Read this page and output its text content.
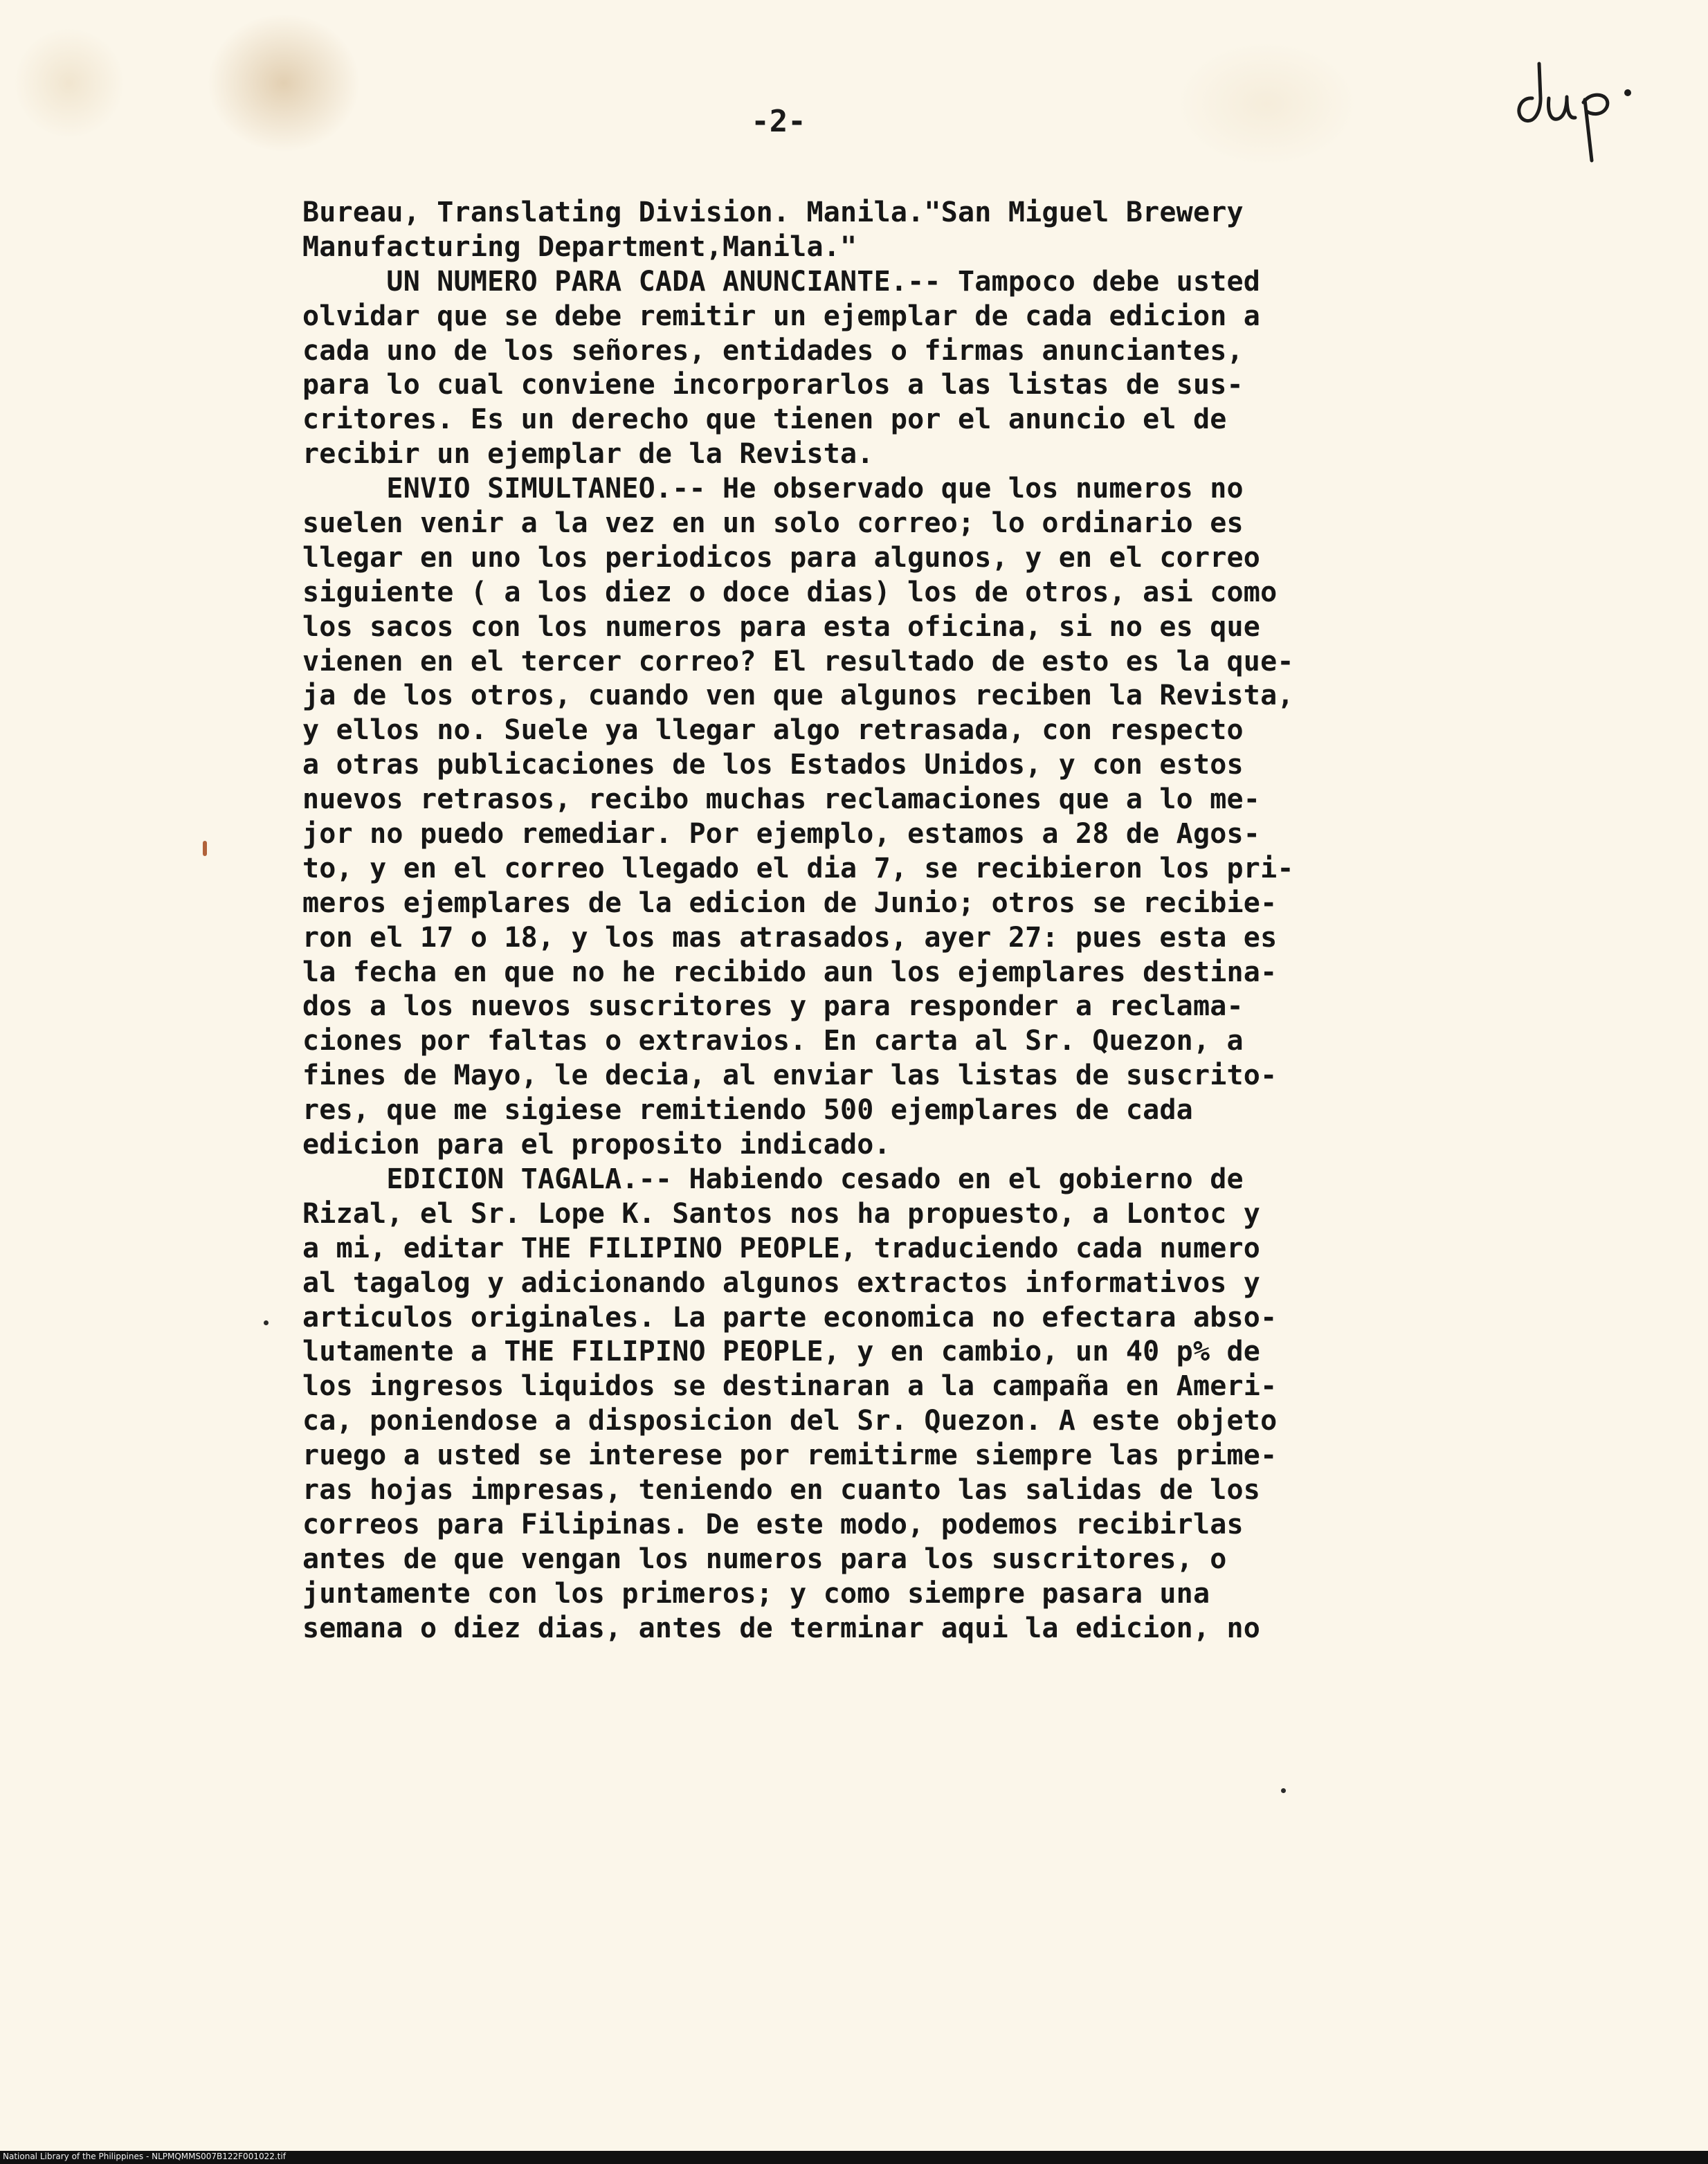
-2-
Bureau, Translating Division. Manila."San Miguel Brewery
Manufacturing Department,Manila."
UN NUMERO PARA CADA ANUNCIANTE.-- Tampoco debe usted
olvidar que se debe remitir un ejemplar de cada edicion a
cada uno de los señores, entidades o firmas anunciantes,
para lo cual conviene incorporarlos a las listas de sus-
critores. Es un derecho que tienen por el anuncio el de
recibir un ejemplar de la Revista.
ENVIO SIMULTANEO.-- He observado que los numeros no
suelen venir a la vez en un solo correo; lo ordinario es
llegar en uno los periodicos para algunos, y en el correo
siguiente ( a los diez o doce dias) los de otros, asi como
los sacos con los numeros para esta oficina, si no es que
vienen en el tercer correo? El resultado de esto es la que-
ja de los otros, cuando ven que algunos reciben la Revista,
y ellos no. Suele ya llegar algo retrasada, con respecto
a otras publicaciones de los Estados Unidos, y con estos
nuevos retrasos, recibo muchas reclamaciones que a lo me-
jor no puedo remediar. Por ejemplo, estamos a 28 de Agos-
to, y en el correo llegado el dia 7, se recibieron los pri-
meros ejemplares de la edicion de Junio; otros se recibie-
ron el 17 o 18, y los mas atrasados, ayer 27: pues esta es
la fecha en que no he recibido aun los ejemplares destina-
dos a los nuevos suscritores y para responder a reclama-
ciones por faltas o extravios. En carta al Sr. Quezon, a
fines de Mayo, le decia, al enviar las listas de suscrito-
res, que me sigiese remitiendo 500 ejemplares de cada
edicion para el proposito indicado.
EDICION TAGALA.-- Habiendo cesado en el gobierno de
Rizal, el Sr. Lope K. Santos nos ha propuesto, a Lontoc y
a mi, editar THE FILIPINO PEOPLE, traduciendo cada numero
al tagalog y adicionando algunos extractos informativos y
articulos originales. La parte economica no efectara abso-
lutamente a THE FILIPINO PEOPLE, y en cambio, un 40 p% de
los ingresos liquidos se destinaran a la campaña en Ameri-
ca, poniendose a disposicion del Sr. Quezon. A este objeto
ruego a usted se interese por remitirme siempre las prime-
ras hojas impresas, teniendo en cuanto las salidas de los
correos para Filipinas. De este modo, podemos recibirlas
antes de que vengan los numeros para los suscritores, o
juntamente con los primeros; y como siempre pasara una
semana o diez dias, antes de terminar aqui la edicion, no
National Library of the Philippines - NLPMQMMS007B122F001022.tif
